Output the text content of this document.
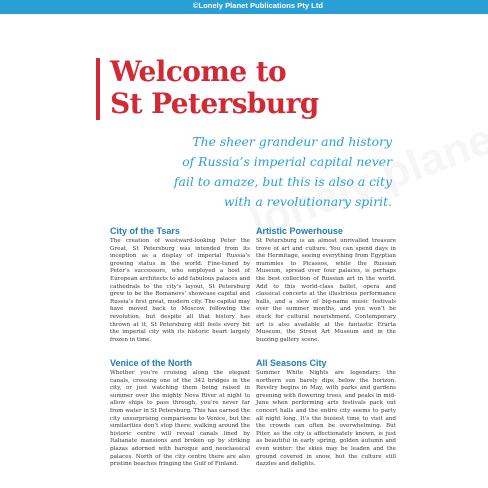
©Lonely Planet Publications Pty Ltd
Welcome to
St Petersburg
The sheer grandeur and history
of Russia’s imperial capital never
fail to amaze, but this is also a city
with a revolutionary spirit.
City of the Tsars

The creation of westward-looking Peter the Great, St Petersburg was intended from its inception as a display of imperial Russia’s growing status in the world. Fine-tuned by Peter’s successors, who employed a host of European architects to add fabulous palaces and cathedrals to the city’s layout, St Petersburg grew to be the Romanovs’ showcase capital and Russia’s first great, modern city. The capital may have moved back to Moscow following the revolution, but despite all that history has thrown at it, St Petersburg still feels every bit the imperial city with its historic heart largely frozen in time.

Venice of the North

Whether you’re cruising along the elegant canals, crossing one of the 342 bridges in the city, or just watching them being raised in summer over the mighty Neva River at night to allow ships to pass through, you’re never far from water in St Petersburg. This has earned the city unsurprising comparisons to Venice, but the similarities don’t stop there: walking around the historic centre will reveal canals lined by Italianate mansions and broken up by striking plazas adorned with baroque and neoclassical palaces. North of the city centre there are also pristine beaches fringing the Gulf of Finland.

Artistic Powerhouse

St Petersburg is an almost unrivalled treasure trove of art and culture. You can spend days in the Hermitage, seeing everything from Egyptian mummies to Picassos, while the Russian Museum, spread over four palaces, is perhaps the best collection of Russian art in the world. Add to this world-class ballet, opera and classical concerts at the illustrious performance halls, and a slew of big-name music festivals over the summer months, and you won’t be stuck for cultural nourishment. Contemporary art is also available at the fantastic Erarta Museum, the Street Art Museum and in the buzzing gallery scene.

All Seasons City

Summer White Nights are legendary: the northern sun barely dips below the horizon. Revelry begins in May, with parks and gardens greening with flowering trees, and peaks in mid-June when performing arts festivals pack out concert halls and the entire city seems to party all night long. It’s the busiest time to visit and the crowds can often be overwhelming. But Piter, as the city is affectionately known, is just as beautiful in early spring, golden autumn and even winter: the skies may be leaden and the ground covered in snow, but the culture still dazzles and delights.
